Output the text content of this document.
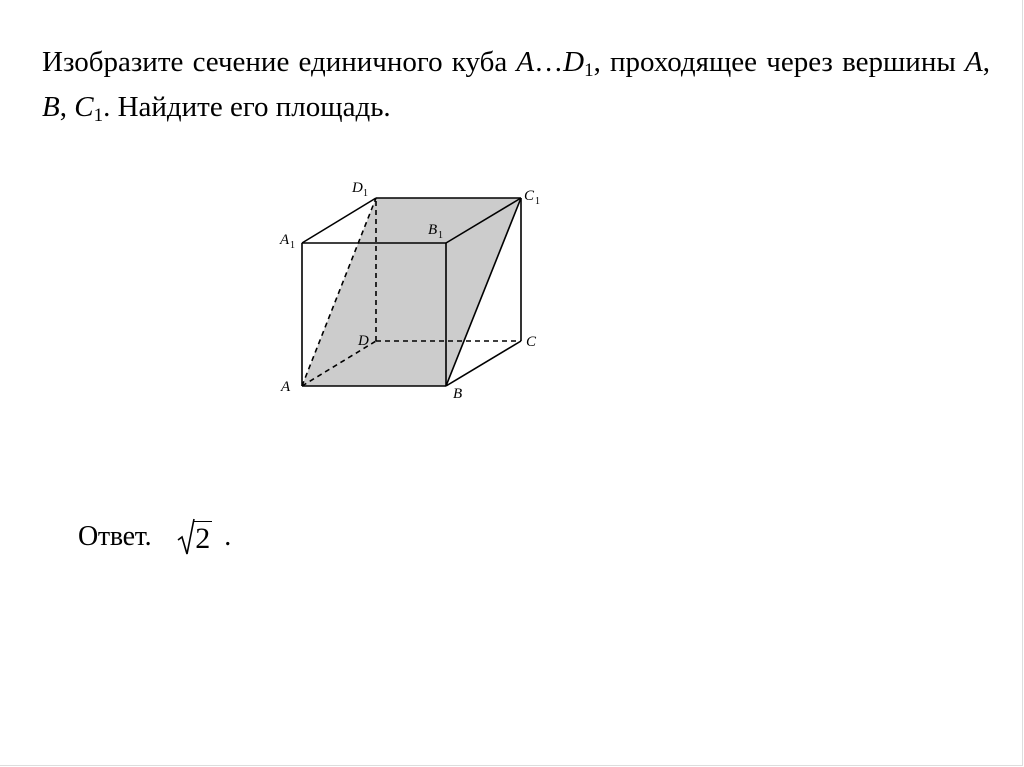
Изобразите сечение единичного куба $A\dots D_1$, проходящее через вершины A, B, $C_1$. Найдите его площадь.
A	B
C
D
A 1
B 1
C 1
D 1
Ответ. 2 .
